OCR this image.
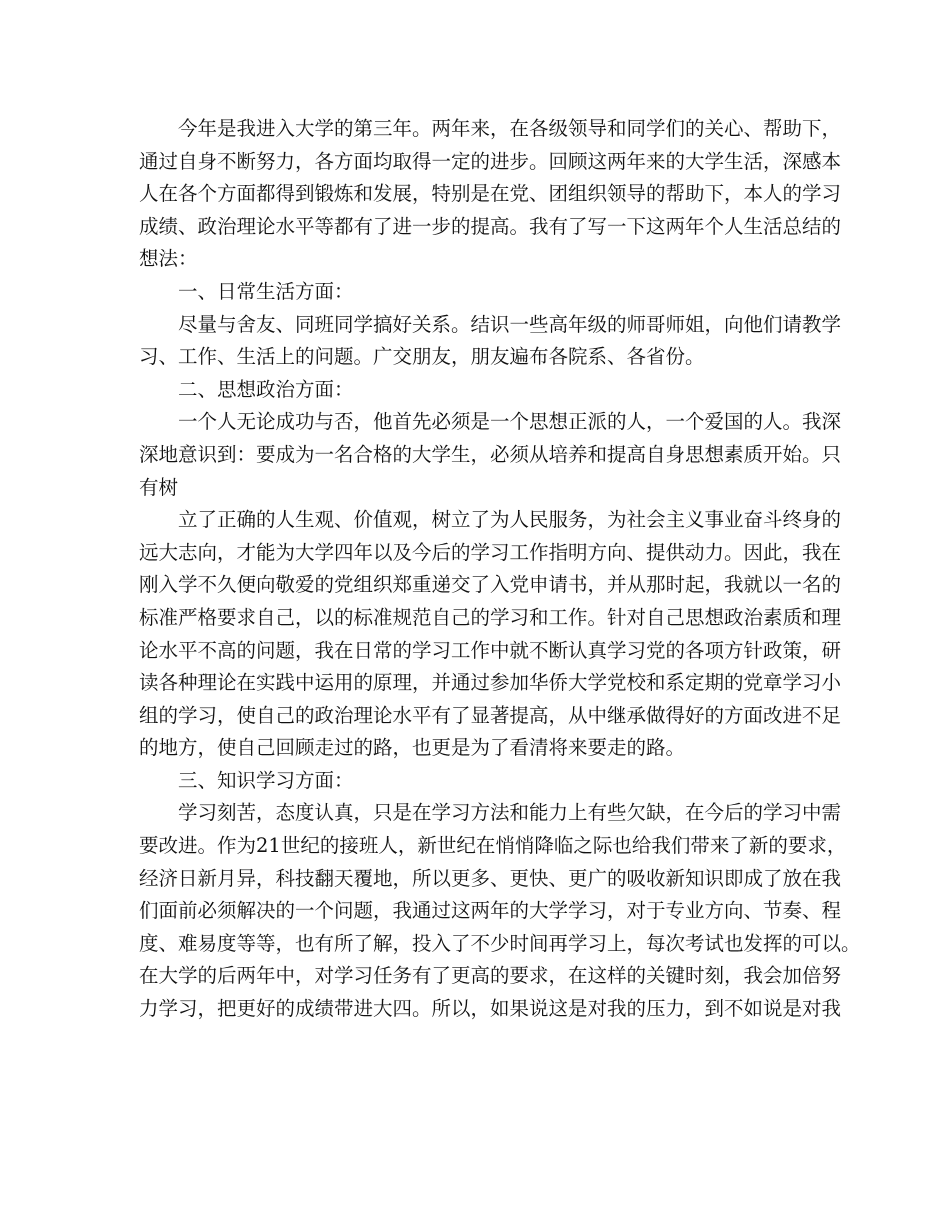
今年是我进入大学的第三年。两年来，在各级领导和同学们的关心、帮助下，
通过自身不断努力，各方面均取得一定的进步。回顾这两年来的大学生活，深感本
人在各个方面都得到锻炼和发展，特别是在党、团组织领导的帮助下，本人的学习
成绩、政治理论水平等都有了进一步的提高。我有了写一下这两年个人生活总结的
想法：
一、日常生活方面：
尽量与舍友、同班同学搞好关系。结识一些高年级的师哥师姐，向他们请教学
习、工作、生活上的问题。广交朋友，朋友遍布各院系、各省份。
二、思想政治方面：
一个人无论成功与否，他首先必须是一个思想正派的人，一个爱国的人。我深
深地意识到：要成为一名合格的大学生，必须从培养和提高自身思想素质开始。只
有树
立了正确的人生观、价值观，树立了为人民服务，为社会主义事业奋斗终身的
远大志向，才能为大学四年以及今后的学习工作指明方向、提供动力。因此，我在
刚入学不久便向敬爱的党组织郑重递交了入党申请书，并从那时起，我就以一名的
标准严格要求自己，以的标准规范自己的学习和工作。针对自己思想政治素质和理
论水平不高的问题，我在日常的学习工作中就不断认真学习党的各项方针政策，研
读各种理论在实践中运用的原理，并通过参加华侨大学党校和系定期的党章学习小
组的学习，使自己的政治理论水平有了显著提高，从中继承做得好的方面改进不足
的地方，使自己回顾走过的路，也更是为了看清将来要走的路。
三、知识学习方面：
学习刻苦，态度认真，只是在学习方法和能力上有些欠缺，在今后的学习中需
要改进。作为21世纪的接班人，新世纪在悄悄降临之际也给我们带来了新的要求，
经济日新月异，科技翻天覆地，所以更多、更快、更广的吸收新知识即成了放在我
们面前必须解决的一个问题，我通过这两年的大学学习，对于专业方向、节奏、程
度、难易度等等，也有所了解，投入了不少时间再学习上，每次考试也发挥的可以。
在大学的后两年中，对学习任务有了更高的要求，在这样的关键时刻，我会加倍努
力学习，把更好的成绩带进大四。所以，如果说这是对我的压力，到不如说是对我
